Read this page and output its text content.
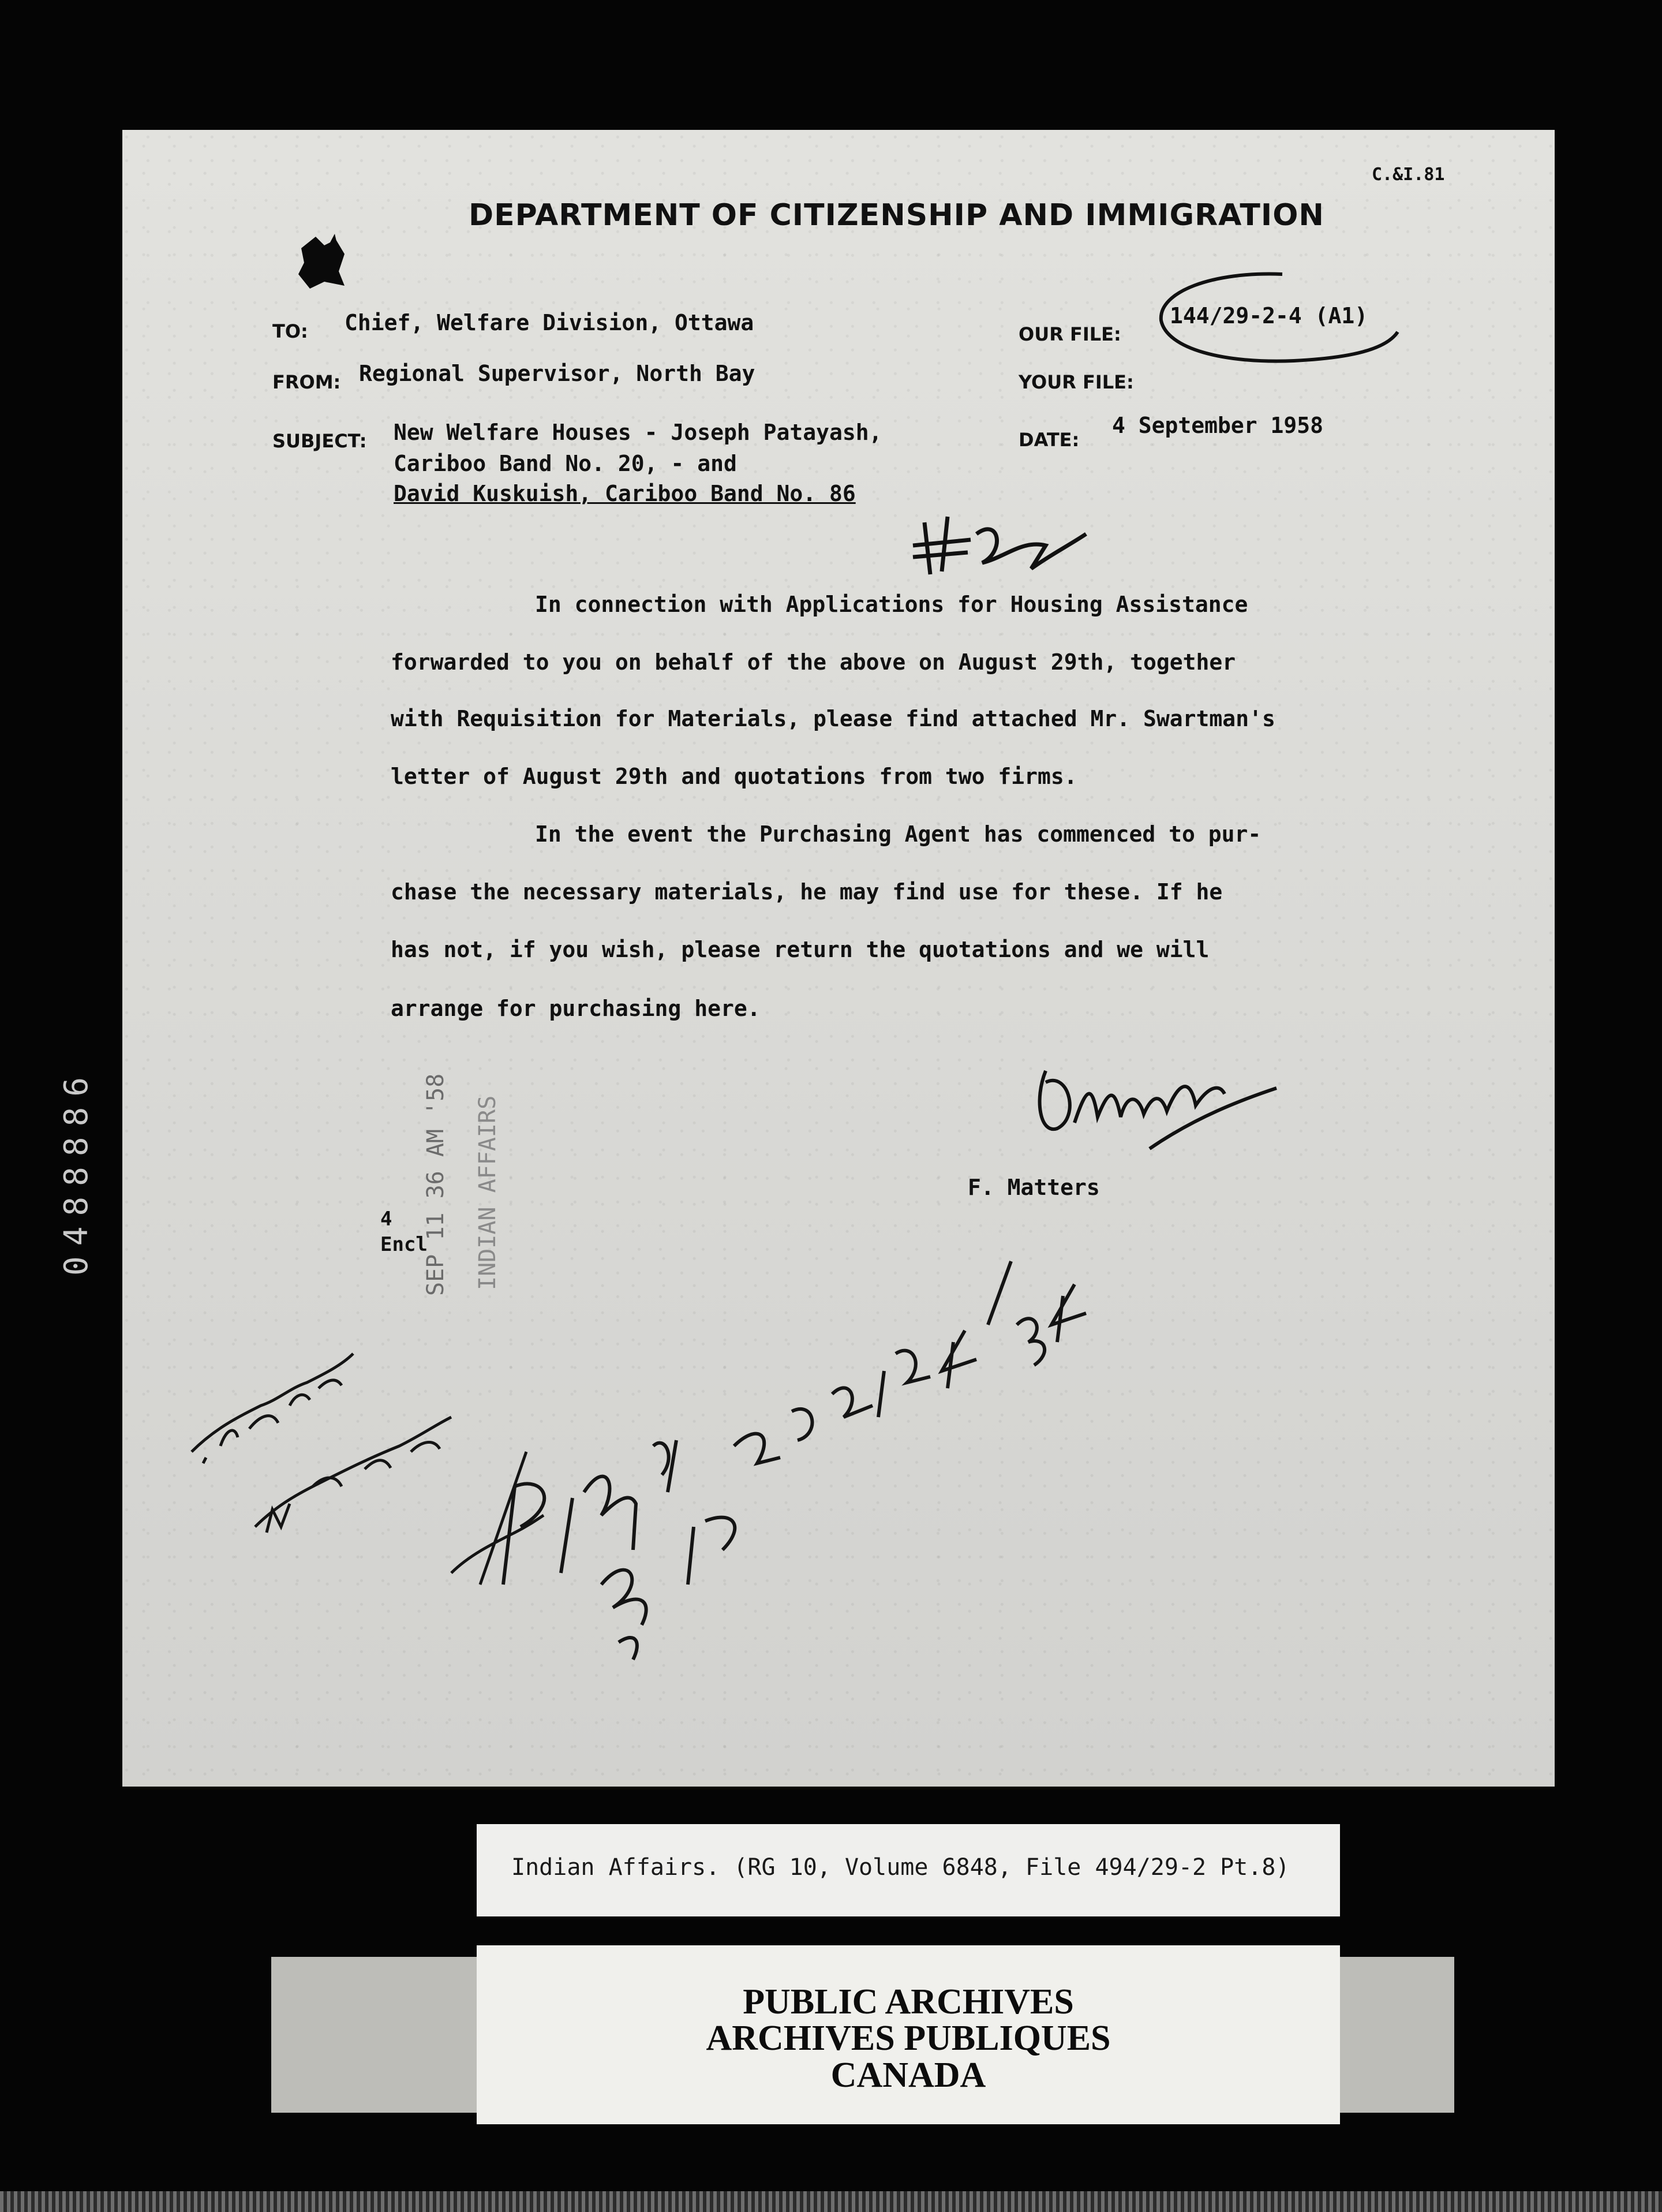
C.&I.81
DEPARTMENT OF CITIZENSHIP AND IMMIGRATION
TO: Chief, Welfare Division, Ottawa
FROM: Regional Supervisor, North Bay
SUBJECT: New Welfare Houses - Joseph Patayash,
Cariboo Band No. 20, - and
David Kuskuish, Cariboo Band No. 86
OUR FILE:
144/29-2-4 (A1)
YOUR FILE:
DATE:
4 September 1958
In connection with Applications for Housing Assistance
forwarded to you on behalf of the above on August 29th, together
with Requisition for Materials, please find attached Mr. Swartman's
letter of August 29th and quotations from two firms.
In the event the Purchasing Agent has commenced to pur-
chase the necessary materials, he may find use for these. If he
has not, if you wish, please return the quotations and we will
arrange for purchasing here.
F. Matters
4
Encl
SEP 11 36 AM '58 INDIAN AFFAIRS
0488886
Indian Affairs. (RG 10, Volume 6848, File 494/29-2 Pt.8)
PUBLIC ARCHIVES
ARCHIVES PUBLIQUES
CANADA
